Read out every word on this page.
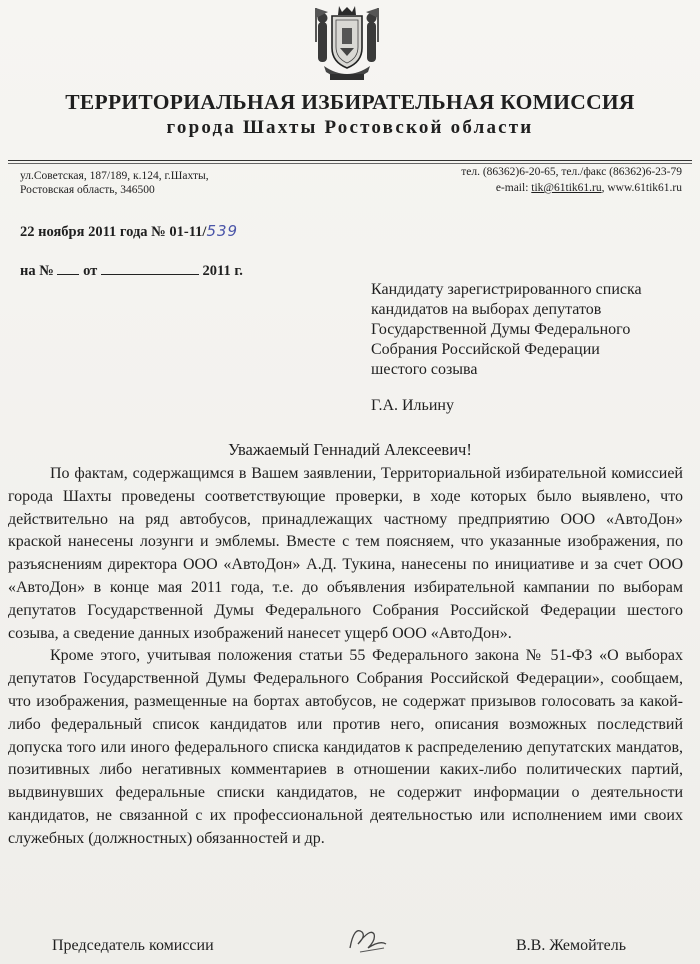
ТЕРРИТОРИАЛЬНАЯ ИЗБИРАТЕЛЬНАЯ КОМИССИЯ
города Шахты Ростовской области
ул.Советская, 187/189, к.124, г.Шахты,
Ростовская область, 346500
тел. (86362)6-20-65, тел./факс (86362)6-23-79
e-mail: tik@61tik61.ru, www.61tik61.ru
22 ноября 2011 года № 01-11/539
на № от	2011 г.
Кандидату зарегистрированного списка
кандидатов на выборах депутатов
Государственной Думы Федерального
Собрания Российской Федерации
шестого созыва
Г.А. Ильину
Уважаемый Геннадий Алексеевич!

По фактам, содержащимся в Вашем заявлении, Территориальной избирательной комиссией города Шахты проведены соответствующие проверки, в ходе которых было выявлено, что действительно на ряд автобусов, принадлежащих частному предприятию ООО «АвтоДон» краской нанесены лозунги и эмблемы. Вместе с тем поясняем, что указанные изображения, по разъяснениям директора ООО «АвтоДон» А.Д. Тукина, нанесены по инициативе и за счет ООО «АвтоДон» в конце мая 2011 года, т.е. до объявления избирательной кампании по выборам депутатов Государственной Думы Федерального Собрания Российской Федерации шестого созыва, а сведение данных изображений нанесет ущерб ООО «АвтоДон».

Кроме этого, учитывая положения статьи 55 Федерального закона № 51-ФЗ «О выборах депутатов Государственной Думы Федерального Собрания Российской Федерации», сообщаем, что изображения, размещенные на бортах автобусов, не содержат призывов голосовать за какой-либо федеральный список кандидатов или против него, описания возможных последствий допуска того или иного федерального списка кандидатов к распределению депутатских мандатов, позитивных либо негативных комментариев в отношении каких-либо политических партий, выдвинувших федеральные списки кандидатов, не содержит информации о деятельности кандидатов, не связанной с их профессиональной деятельностью или исполнением ими своих служебных (должностных) обязанностей и др.

Председатель комиссии	В.В. Жемойтель
